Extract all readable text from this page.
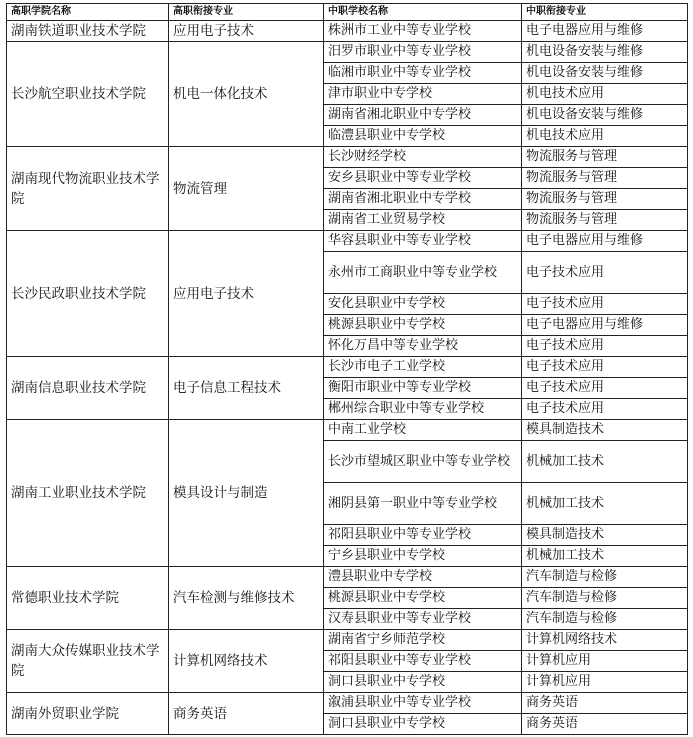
高职学院名称	高职衔接专业	中职学校名称	中职衔接专业
湖南铁道职业技术学院	应用电子技术	株洲市工业中等专业学校	电子电器应用与维修
长沙航空职业技术学院	机电一体化技术	汨罗市职业中等专业学校	机电设备安装与维修
		临湘市职业中等专业学校	机电设备安装与维修
		津市职业中专学校	机电技术应用
		湖南省湘北职业中专学校	机电设备安装与维修
		临澧县职业中专学校	机电技术应用
湖南现代物流职业技术学院	物流管理	长沙财经学校	物流服务与管理
		安乡县职业中等专业学校	物流服务与管理
		湖南省湘北职业中专学校	物流服务与管理
		湖南省工业贸易学校	物流服务与管理
长沙民政职业技术学院	应用电子技术	华容县职业中等专业学校	电子电器应用与维修
		永州市工商职业中等专业学校	电子技术应用
		安化县职业中专学校	电子技术应用
		桃源县职业中专学校	电子电器应用与维修
		怀化万昌中等专业学校	电子技术应用
湖南信息职业技术学院	电子信息工程技术	长沙市电子工业学校	电子技术应用
		衡阳市职业中等专业学校	电子技术应用
		郴州综合职业中等专业学校	电子技术应用
湖南工业职业技术学院	模具设计与制造	中南工业学校	模具制造技术
		长沙市望城区职业中等专业学校	机械加工技术
		湘阴县第一职业中等专业学校	机械加工技术
		祁阳县职业中等专业学校	模具制造技术
		宁乡县职业中专学校	机械加工技术
常德职业技术学院	汽车检测与维修技术	澧县职业中专学校	汽车制造与检修
		桃源县职业中专学校	汽车制造与检修
		汉寿县职业中等专业学校	汽车制造与检修
湖南大众传媒职业技术学院	计算机网络技术	湖南省宁乡师范学校	计算机网络技术
		祁阳县职业中等专业学校	计算机应用
		洞口县职业中专学校	计算机应用
湖南外贸职业学院	商务英语	溆浦县职业中等专业学校	商务英语
		洞口县职业中专学校	商务英语
